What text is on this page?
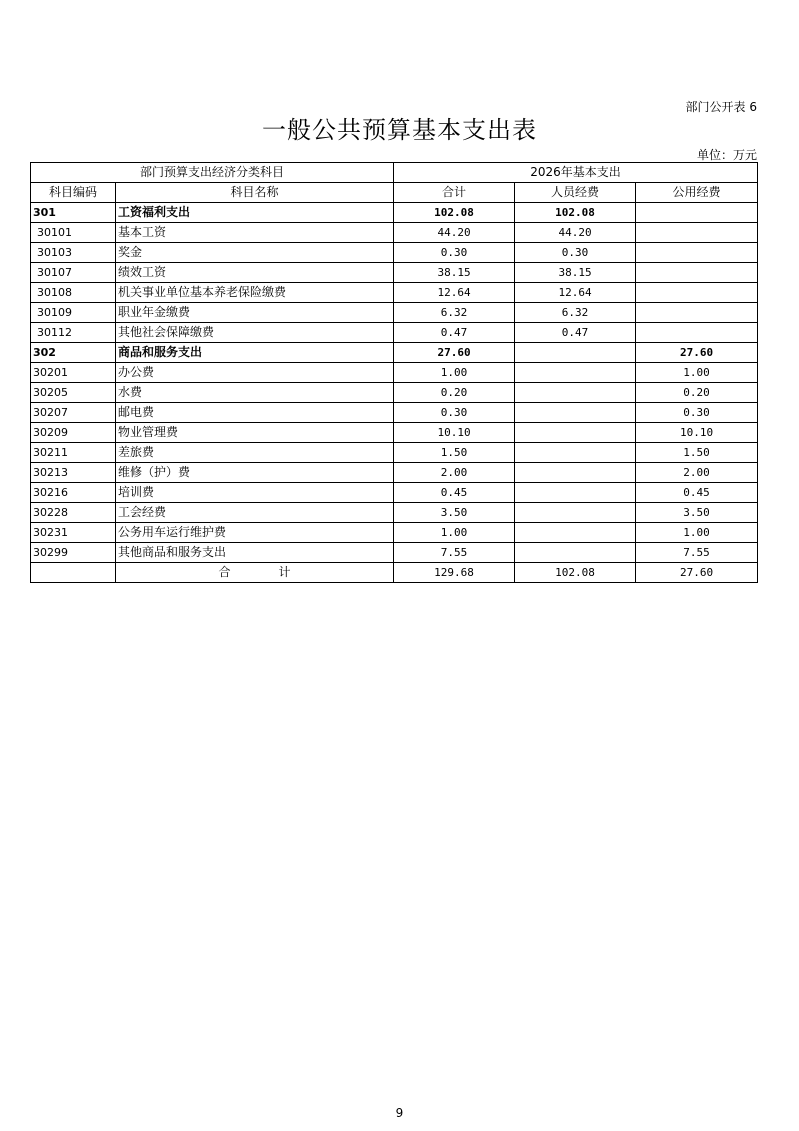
部门公开表 6
一般公共预算基本支出表
单位：万元
部门预算支出经济分类科目		2026年基本支出		
科目编码	科目名称	合计	人员经费	公用经费
301	工资福利支出	102.08	102.08	
30101	基本工资	44.20	44.20	
30103	奖金	0.30	0.30	
30107	绩效工资	38.15	38.15	
30108	机关事业单位基本养老保险缴费	12.64	12.64	
30109	职业年金缴费	6.32	6.32	
30112	其他社会保障缴费	0.47	0.47	
302	商品和服务支出	27.60		27.60
30201	办公费	1.00		1.00
30205	水费	0.20		0.20
30207	邮电费	0.30		0.30
30209	物业管理费	10.10		10.10
30211	差旅费	1.50		1.50
30213	维修（护）费	2.00		2.00
30216	培训费	0.45		0.45
30228	工会经费	3.50		3.50
30231	公务用车运行维护费	1.00		1.00
30299	其他商品和服务支出	7.55		7.55
	合　　　　计	129.68	102.08	27.60
9
